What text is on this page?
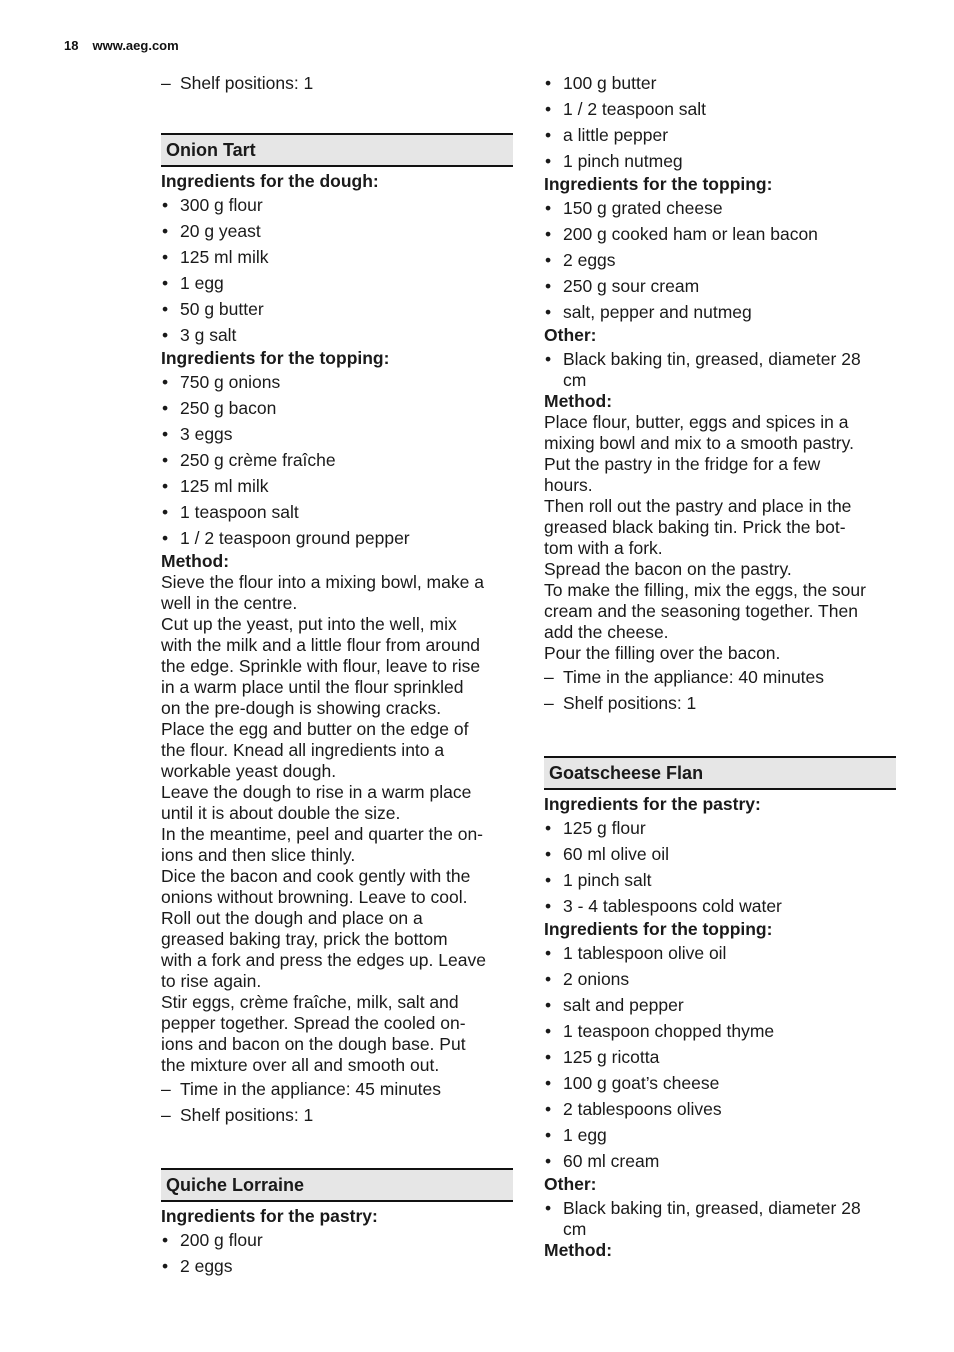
18 www.aeg.com
– Shelf positions: 1
Onion Tart
Ingredients for the dough:
• 300 g flour
• 20 g yeast
• 125 ml milk
• 1 egg
• 50 g butter
• 3 g salt
Ingredients for the topping:
• 750 g onions
• 250 g bacon
• 3 eggs
• 250 g crème fraîche
• 125 ml milk
• 1 teaspoon salt
• 1 / 2 teaspoon ground pepper
Method:
Sieve the flour into a mixing bowl, make a
well in the centre.
Cut up the yeast, put into the well, mix
with the milk and a little flour from around
the edge. Sprinkle with flour, leave to rise
in a warm place until the flour sprinkled
on the pre-dough is showing cracks.
Place the egg and butter on the edge of
the flour. Knead all ingredients into a
workable yeast dough.
Leave the dough to rise in a warm place
until it is about double the size.
In the meantime, peel and quarter the on-
ions and then slice thinly.
Dice the bacon and cook gently with the
onions without browning. Leave to cool.
Roll out the dough and place on a
greased baking tray, prick the bottom
with a fork and press the edges up. Leave
to rise again.
Stir eggs, crème fraîche, milk, salt and
pepper together. Spread the cooled on-
ions and bacon on the dough base. Put
the mixture over all and smooth out.
– Time in the appliance: 45 minutes
– Shelf positions: 1
Quiche Lorraine
Ingredients for the pastry:
• 200 g flour
• 2 eggs
• 100 g butter
• 1 / 2 teaspoon salt
• a little pepper
• 1 pinch nutmeg
Ingredients for the topping:
• 150 g grated cheese
• 200 g cooked ham or lean bacon
• 2 eggs
• 250 g sour cream
• salt, pepper and nutmeg
Other:
• Black baking tin, greased, diameter 28
cm
Method:
Place flour, butter, eggs and spices in a
mixing bowl and mix to a smooth pastry.
Put the pastry in the fridge for a few
hours.
Then roll out the pastry and place in the
greased black baking tin. Prick the bot-
tom with a fork.
Spread the bacon on the pastry.
To make the filling, mix the eggs, the sour
cream and the seasoning together. Then
add the cheese.
Pour the filling over the bacon.
– Time in the appliance: 40 minutes
– Shelf positions: 1
Goatscheese Flan
Ingredients for the pastry:
• 125 g flour
• 60 ml olive oil
• 1 pinch salt
• 3 - 4 tablespoons cold water
Ingredients for the topping:
• 1 tablespoon olive oil
• 2 onions
• salt and pepper
• 1 teaspoon chopped thyme
• 125 g ricotta
• 100 g goat’s cheese
• 2 tablespoons olives
• 1 egg
• 60 ml cream
Other:
• Black baking tin, greased, diameter 28
cm
Method:
